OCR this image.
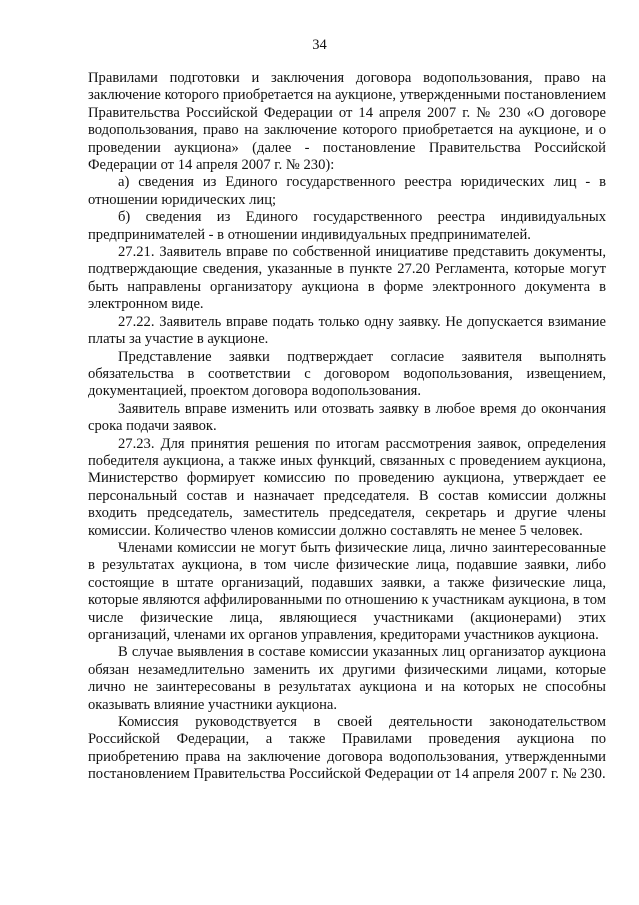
34

Правилами подготовки и заключения договора водопользования, право на заключение которого приобретается на аукционе, утвержденными постановлением Правительства Российской Федерации от 14 апреля 2007 г. № 230 «О договоре водопользования, право на заключение которого приобретается на аукционе, и о проведении аукциона» (далее - постановление Правительства Российской Федерации от 14 апреля 2007 г. № 230):

а) сведения из Единого государственного реестра юридических лиц - в отношении юридических лиц;

б) сведения из Единого государственного реестра индивидуальных предпринимателей - в отношении индивидуальных предпринимателей.

27.21. Заявитель вправе по собственной инициативе представить документы, подтверждающие сведения, указанные в пункте 27.20 Регламента, которые могут быть направлены организатору аукциона в форме электронного документа в электронном виде.

27.22. Заявитель вправе подать только одну заявку. Не допускается взимание платы за участие в аукционе.

Представление заявки подтверждает согласие заявителя выполнять обязательства в соответствии с договором водопользования, извещением, документацией, проектом договора водопользования.

Заявитель вправе изменить или отозвать заявку в любое время до окончания срока подачи заявок.

27.23. Для принятия решения по итогам рассмотрения заявок, определения победителя аукциона, а также иных функций, связанных с проведением аукциона, Министерство формирует комиссию по проведению аукциона, утверждает ее персональный состав и назначает председателя. В состав комиссии должны входить председатель, заместитель председателя, секретарь и другие члены комиссии. Количество членов комиссии должно составлять не менее 5 человек.

Членами комиссии не могут быть физические лица, лично заинтересованные в результатах аукциона, в том числе физические лица, подавшие заявки, либо состоящие в штате организаций, подавших заявки, а также физические лица, которые являются аффилированными по отношению к участникам аукциона, в том числе физические лица, являющиеся участниками (акционерами) этих организаций, членами их органов управления, кредиторами участников аукциона.

В случае выявления в составе комиссии указанных лиц организатор аукциона обязан незамедлительно заменить их другими физическими лицами, которые лично не заинтересованы в результатах аукциона и на которых не способны оказывать влияние участники аукциона.

Комиссия руководствуется в своей деятельности законодательством Российской Федерации, а также Правилами проведения аукциона по приобретению права на заключение договора водопользования, утвержденными постановлением Правительства Российской Федерации от 14 апреля 2007 г. № 230.
